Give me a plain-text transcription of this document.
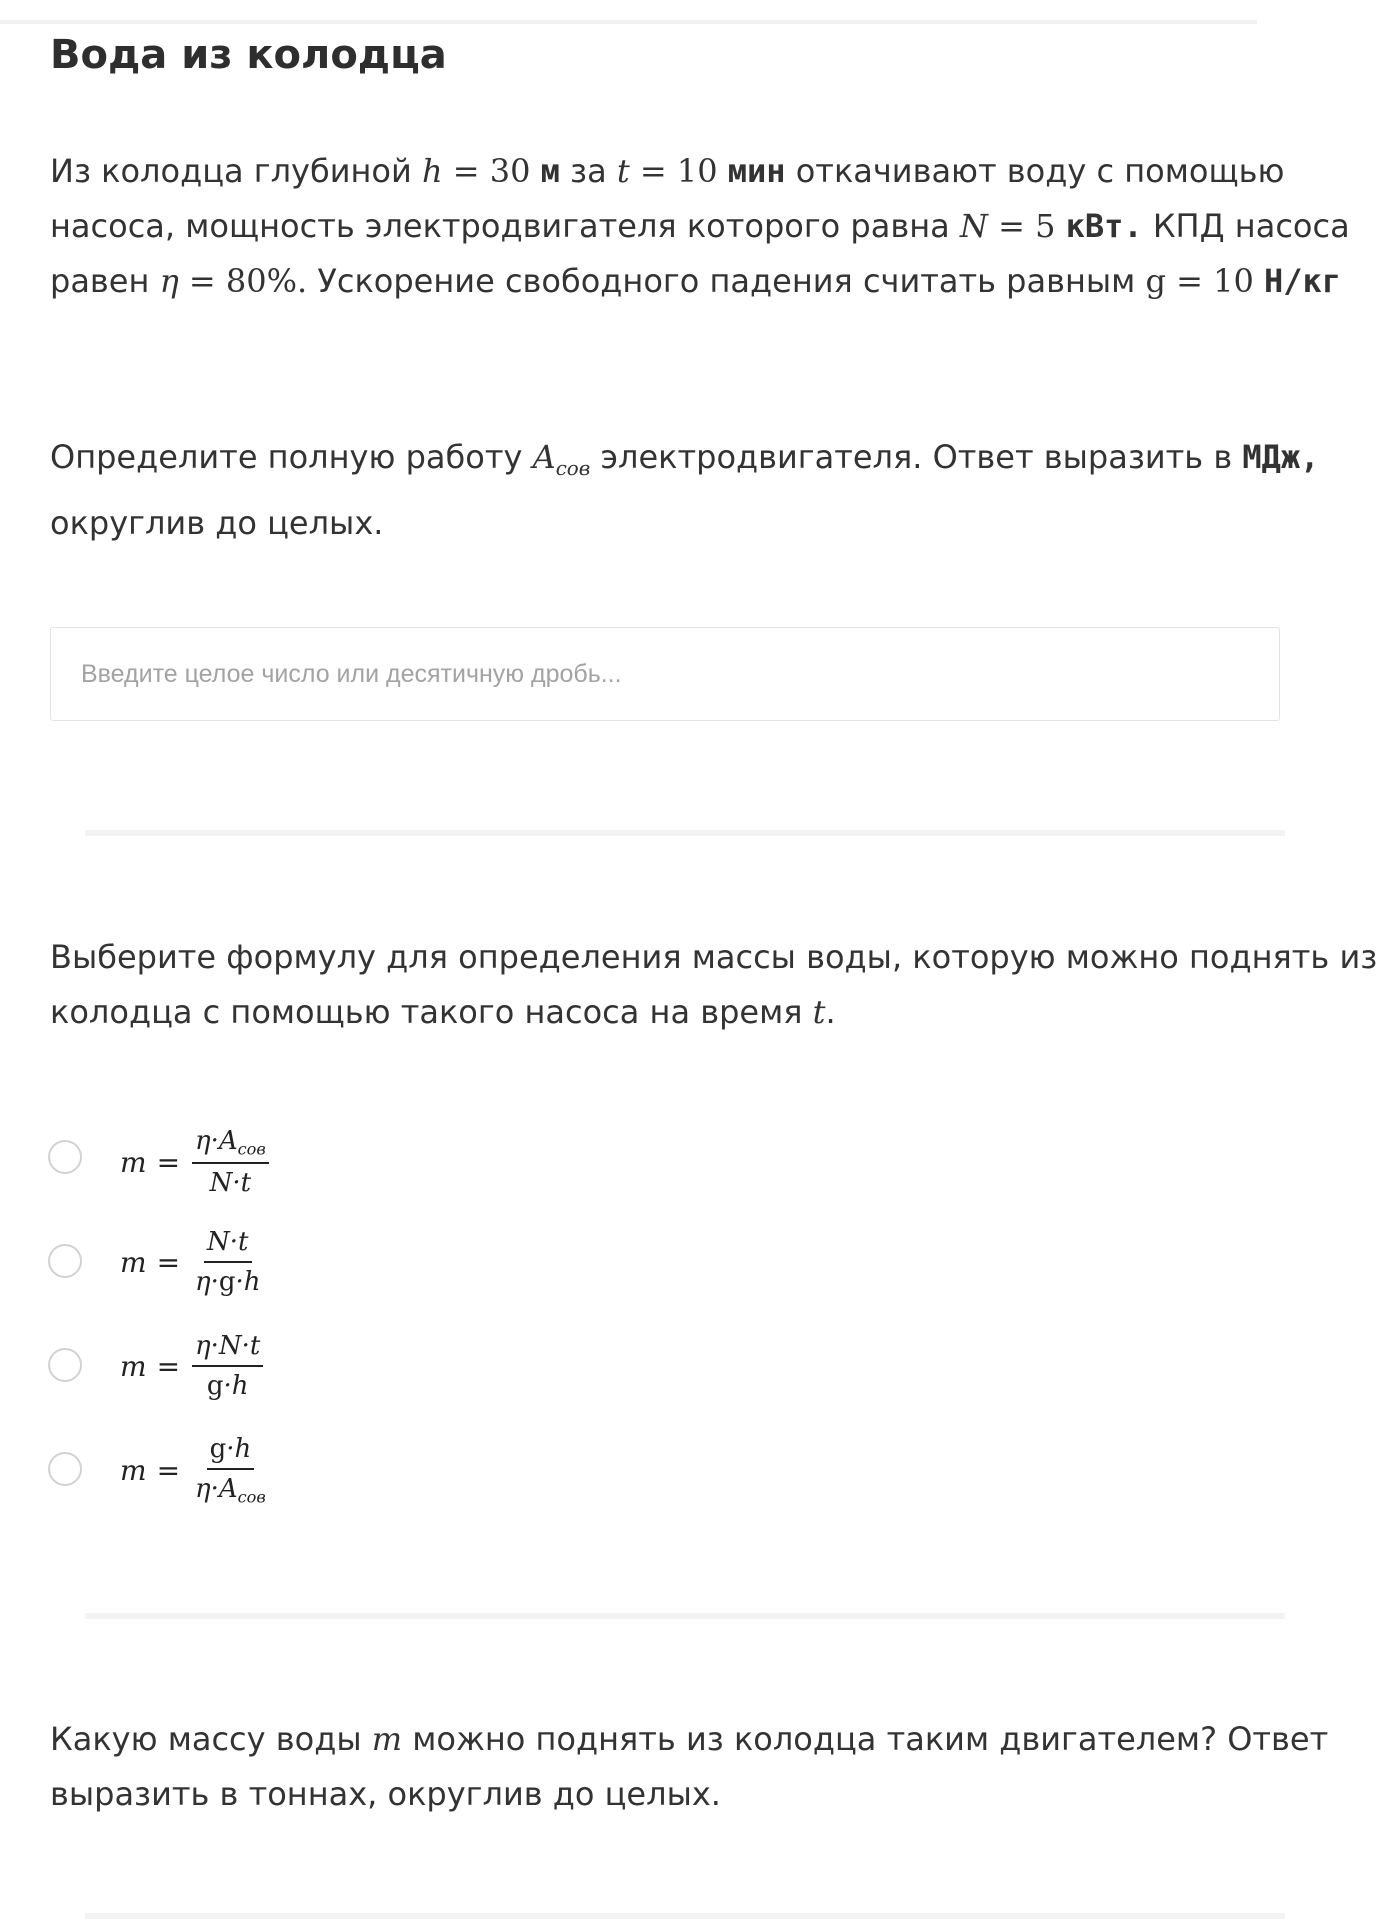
Вода из колодца
Из колодца глубиной h = 30 м за t = 10 мин откачивают воду с помощью
насоса, мощность электродвигателя которого равна N = 5 кВт. КПД насоса
равен η = 80%. Ускорение свободного падения считать равным g = 10 Н/кг
Определите полную работу $A_{сов}$ электродвигателя. Ответ выразить в МДж,
округлив до целых.
Введите целое число или десятичную дробь...
Выберите формулу для определения массы воды, которую можно поднять из
колодца с помощью такого насоса на время t.
$m = \frac{\eta\cdot A_{сов}}{N\cdot t}$
$m = \frac{N\cdot t}{\eta\cdot g\cdot h}$
$m = \frac{\eta\cdot N\cdot t}{g\cdot h}$
$m = \frac{g\cdot h}{\eta\cdot A_{сов}}$
Какую массу воды m можно поднять из колодца таким двигателем? Ответ
выразить в тоннах, округлив до целых.
